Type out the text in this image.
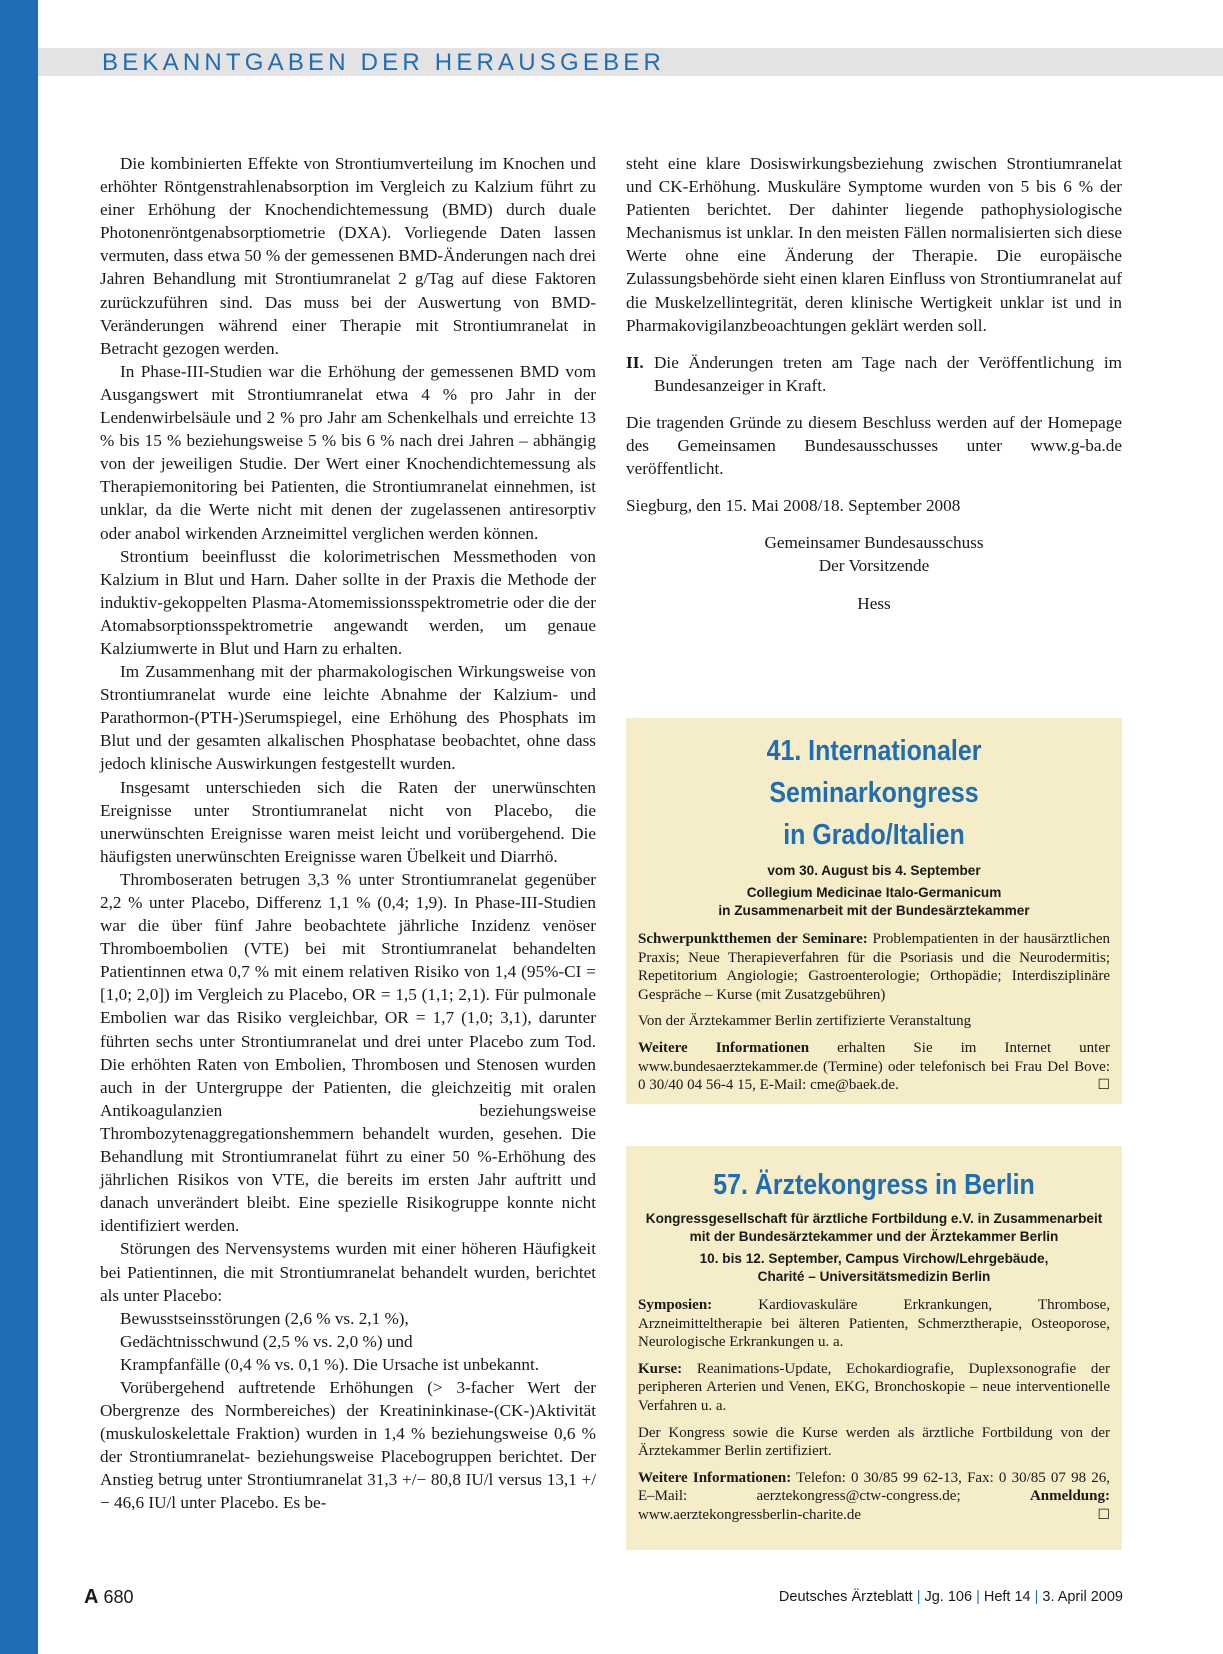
BEKANNTGABEN DER HERAUSGEBER

Die kombinierten Effekte von Strontiumverteilung im Knochen und erhöhter Röntgenstrahlenabsorption im Vergleich zu Kalzium führt zu einer Erhöhung der Knochendichtemessung (BMD) durch duale Photonenröntgenabsorptiometrie (DXA). Vorliegende Daten lassen vermuten, dass etwa 50 % der gemessenen BMD-Änderungen nach drei Jahren Behandlung mit Strontiumranelat 2 g/Tag auf diese Faktoren zurückzuführen sind. Das muss bei der Auswertung von BMD-Veränderungen während einer Therapie mit Strontiumranelat in Betracht gezogen werden.

In Phase-III-Studien war die Erhöhung der gemessenen BMD vom Ausgangswert mit Strontiumranelat etwa 4 % pro Jahr in der Lendenwirbelsäule und 2 % pro Jahr am Schenkelhals und erreichte 13 % bis 15 % beziehungsweise 5 % bis 6 % nach drei Jahren – abhängig von der jeweiligen Studie. Der Wert einer Knochendichtemessung als Therapiemonitoring bei Patienten, die Strontiumranelat einnehmen, ist unklar, da die Werte nicht mit denen der zugelassenen antiresorptiv oder anabol wirkenden Arzneimittel verglichen werden können.

Strontium beeinflusst die kolorimetrischen Messmethoden von Kalzium in Blut und Harn. Daher sollte in der Praxis die Methode der induktiv-gekoppelten Plasma-Atomemissionsspektrometrie oder die der Atomabsorptionsspektrometrie angewandt werden, um genaue Kalziumwerte in Blut und Harn zu erhalten.

Im Zusammenhang mit der pharmakologischen Wirkungsweise von Strontiumranelat wurde eine leichte Abnahme der Kalzium- und Parathormon-(PTH-)Serumspiegel, eine Erhöhung des Phosphats im Blut und der gesamten alkalischen Phosphatase beobachtet, ohne dass jedoch klinische Auswirkungen festgestellt wurden.

Insgesamt unterschieden sich die Raten der unerwünschten Ereignisse unter Strontiumranelat nicht von Placebo, die unerwünschten Ereignisse waren meist leicht und vorübergehend. Die häufigsten unerwünschten Ereignisse waren Übelkeit und Diarrhö.

Thromboseraten betrugen 3,3 % unter Strontiumranelat gegenüber 2,2 % unter Placebo, Differenz 1,1 % (0,4; 1,9). In Phase-III-Studien war die über fünf Jahre beobachtete jährliche Inzidenz venöser Thromboembolien (VTE) bei mit Strontiumranelat behandelten Patientinnen etwa 0,7 % mit einem relativen Risiko von 1,4 (95%-CI = [1,0; 2,0]) im Vergleich zu Placebo, OR = 1,5 (1,1; 2,1). Für pulmonale Embolien war das Risiko vergleichbar, OR = 1,7 (1,0; 3,1), darunter führten sechs unter Strontiumranelat und drei unter Placebo zum Tod. Die erhöhten Raten von Embolien, Thrombosen und Stenosen wurden auch in der Untergruppe der Patienten, die gleichzeitig mit oralen Antikoagulanzien beziehungsweise Thrombozytenaggregationshemmern behandelt wurden, gesehen. Die Behandlung mit Strontiumranelat führt zu einer 50 %-Erhöhung des jährlichen Risikos von VTE, die bereits im ersten Jahr auftritt und danach unverändert bleibt. Eine spezielle Risikogruppe konnte nicht identifiziert werden.

Störungen des Nervensystems wurden mit einer höheren Häufigkeit bei Patientinnen, die mit Strontiumranelat behandelt wurden, berichtet als unter Placebo:

Bewusstseinsstörungen (2,6 % vs. 2,1 %),

Gedächtnisschwund (2,5 % vs. 2,0 %) und

Krampfanfälle (0,4 % vs. 0,1 %). Die Ursache ist unbekannt.

Vorübergehend auftretende Erhöhungen (> 3-facher Wert der Obergrenze des Normbereiches) der Kreatininkinase-(CK-)Aktivität (muskuloskelettale Fraktion) wurden in 1,4 % beziehungsweise 0,6 % der Strontiumranelat- beziehungsweise Placebogruppen berichtet. Der Anstieg betrug unter Strontiumranelat 31,3 +/− 80,8 IU/l versus 13,1 +/− 46,6 IU/l unter Placebo. Es be-

steht eine klare Dosiswirkungsbeziehung zwischen Strontiumranelat und CK-Erhöhung. Muskuläre Symptome wurden von 5 bis 6 % der Patienten berichtet. Der dahinter liegende pathophysiologische Mechanismus ist unklar. In den meisten Fällen normalisierten sich diese Werte ohne eine Änderung der Therapie. Die europäische Zulassungsbehörde sieht einen klaren Einfluss von Strontiumranelat auf die Muskelzellintegrität, deren klinische Wertigkeit unklar ist und in Pharmakovigilanzbeoachtungen geklärt werden soll.

II. Die Änderungen treten am Tage nach der Veröffentlichung im Bundesanzeiger in Kraft.

Die tragenden Gründe zu diesem Beschluss werden auf der Homepage des Gemeinsamen Bundesausschusses unter www.g-ba.de veröffentlicht.

Siegburg, den 15. Mai 2008/18. September 2008

Gemeinsamer Bundesausschuss

Der Vorsitzende

Hess

41. Internationaler Seminarkongress
in Grado/Italien
vom 30. August bis 4. September
Collegium Medicinae Italo-Germanicum
in Zusammenarbeit mit der Bundesärztekammer

Schwerpunktthemen der Seminare: Problempatienten in der hausärztlichen Praxis; Neue Therapieverfahren für die Psoriasis und die Neurodermitis; Repetitorium Angiologie; Gastroenterologie; Orthopädie; Interdisziplinäre Gespräche – Kurse (mit Zusatzgebühren)

Von der Ärztekammer Berlin zertifizierte Veranstaltung

Weitere Informationen erhalten Sie im Internet unter www.bundesaerztekammer.de (Termine) oder telefonisch bei Frau Del Bove: 0 30/40 04 56-4 15, E-Mail: cme@baek.de.	☐

57. Ärztekongress in Berlin
Kongressgesellschaft für ärztliche Fortbildung e.V. in Zusammenarbeit mit der Bundesärztekammer und der Ärztekammer Berlin
10. bis 12. September, Campus Virchow/Lehrgebäude, Charité – Universitätsmedizin Berlin

Symposien:	Kardiovaskuläre Erkrankungen, Thrombose, Arzneimitteltherapie bei älteren Patienten, Schmerztherapie, Osteoporose, Neurologische Erkrankungen u. a.

Kurse: Reanimations-Update, Echokardiografie, Duplexsonografie der peripheren Arterien und Venen, EKG, Bronchoskopie – neue interventionelle Verfahren u. a.

Der Kongress sowie die Kurse werden als ärztliche Fortbildung von der Ärztekammer Berlin zertifiziert.

Weitere Informationen: Telefon: 0 30/85 99 62-13, Fax: 0 30/85 07 98 26, E–Mail: aerztekongress@ctw-congress.de;	Anmeldung: www.aerztekongressberlin-charite.de	☐

A 680	Deutsches Ärzteblatt | Jg. 106 | Heft 14 | 3. April 2009
